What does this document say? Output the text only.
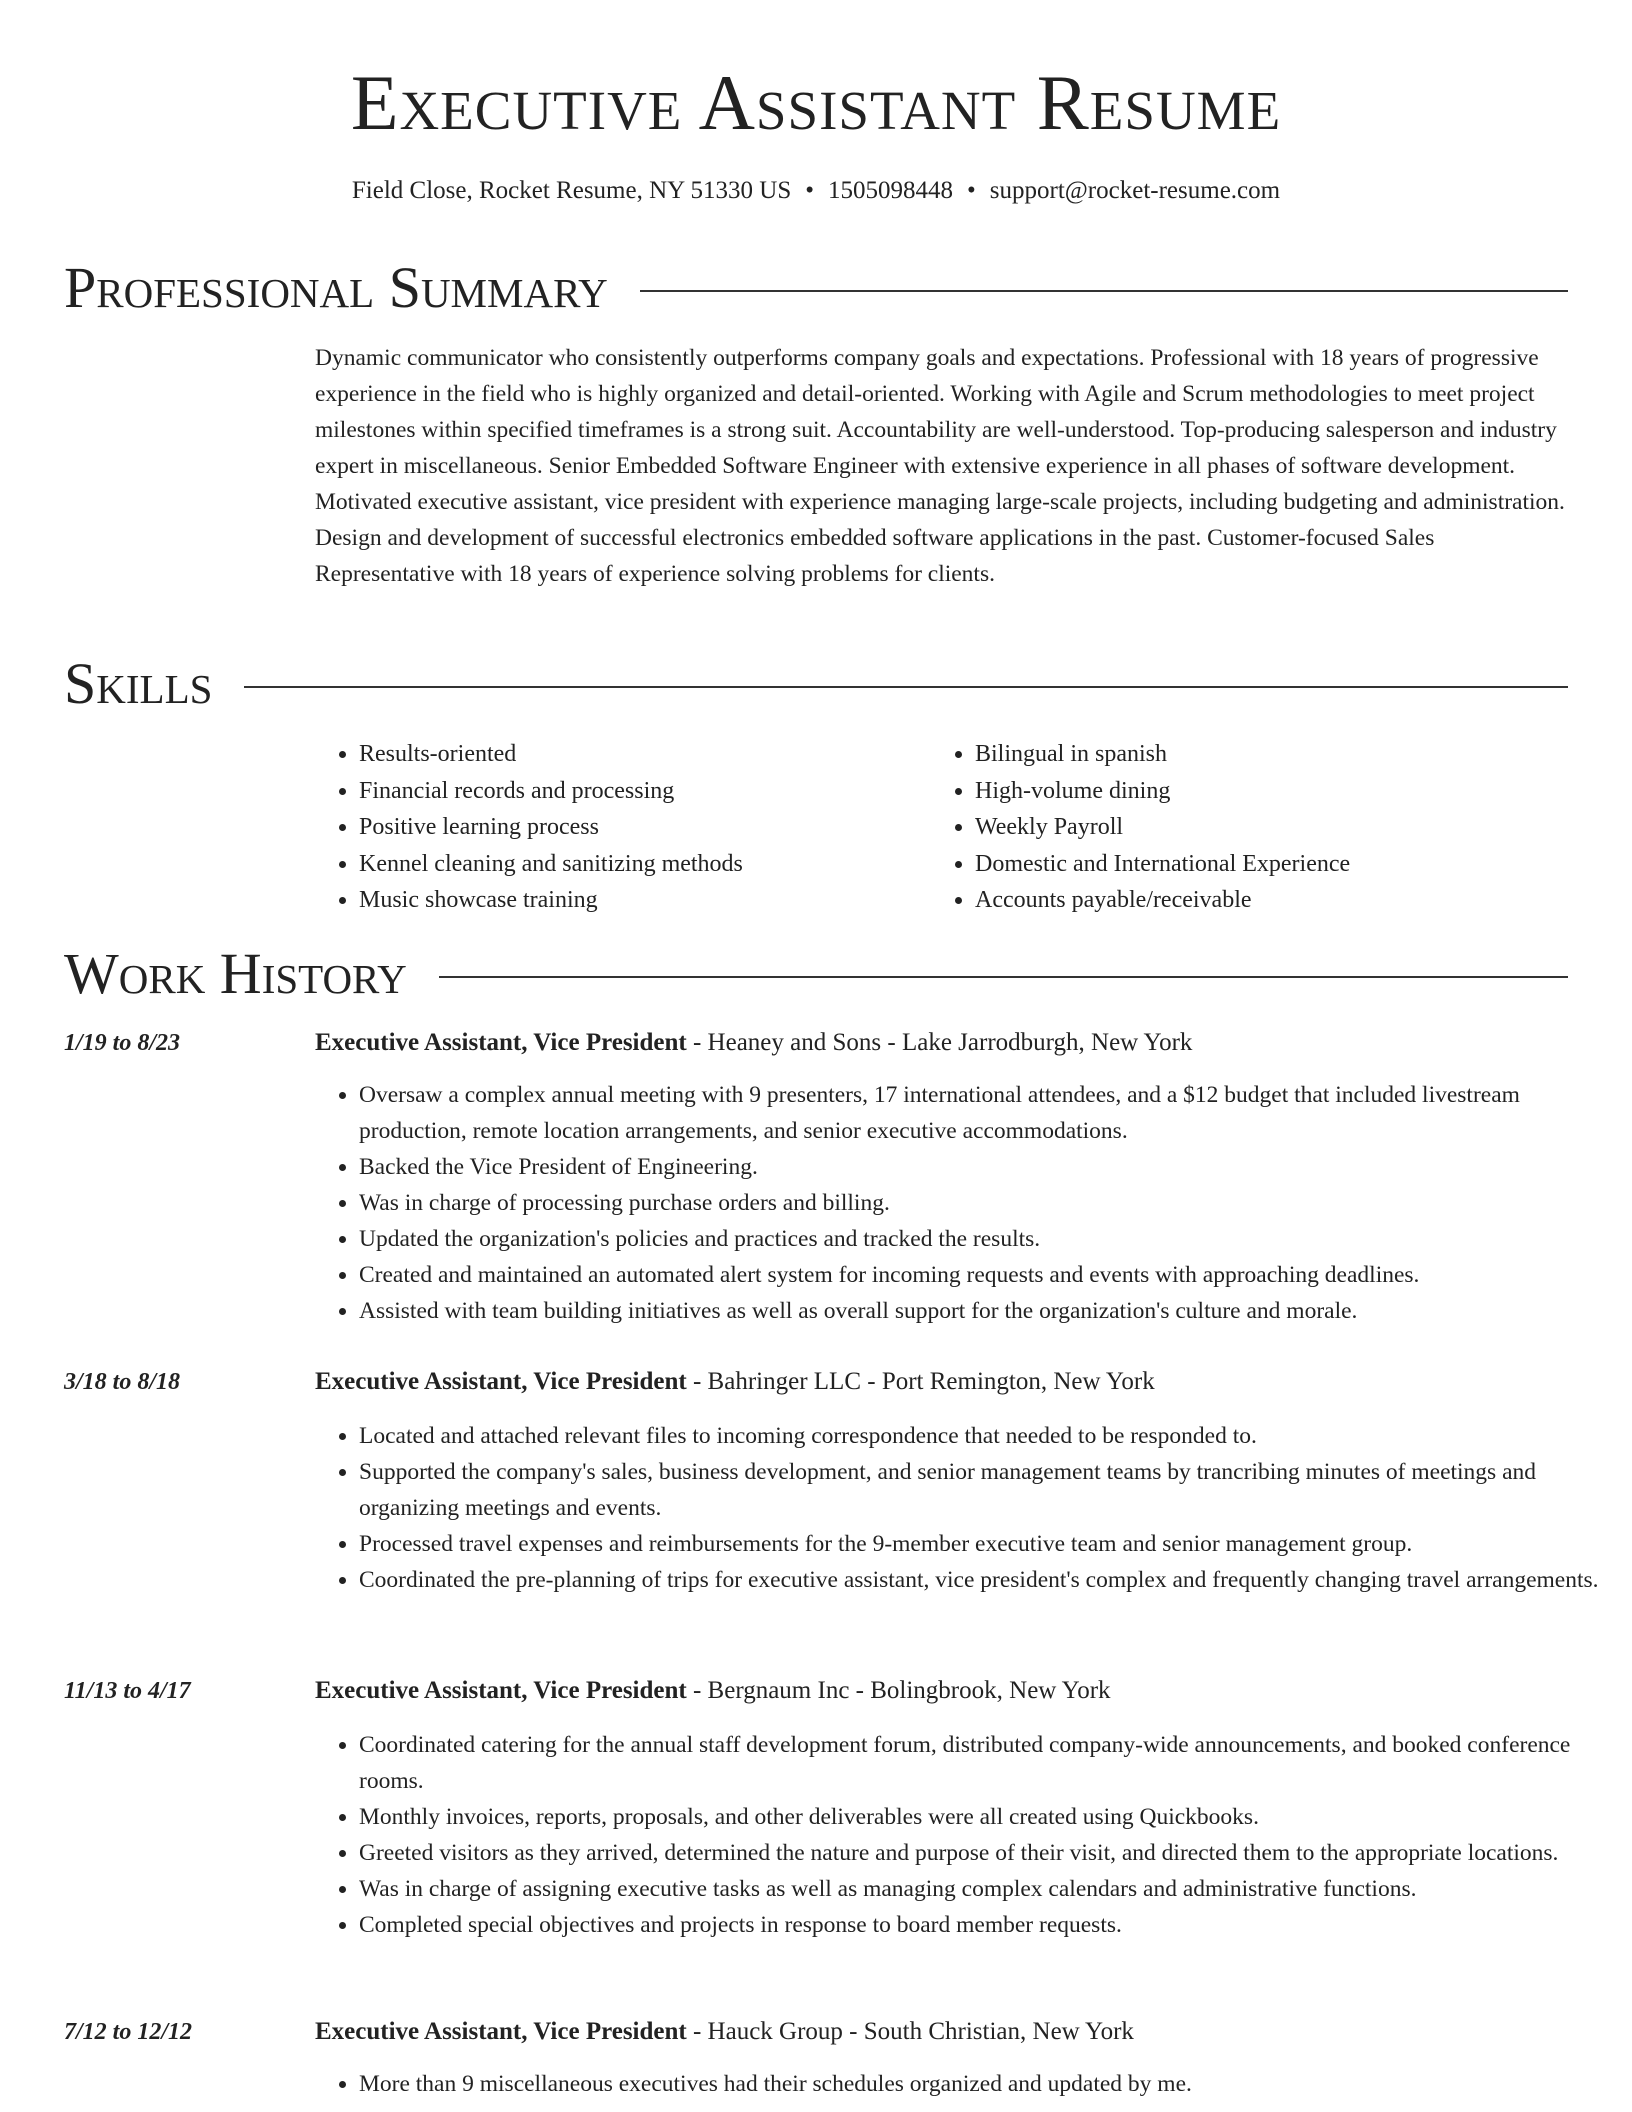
Executive Assistant Resume
Field Close, Rocket Resume, NY 51330 US • 1505098448 • support@rocket-resume.com
Professional Summary

Dynamic communicator who consistently outperforms company goals and expectations. Professional with 18 years of progressive experience in the field who is highly organized and detail-oriented. Working with Agile and Scrum methodologies to meet project milestones within specified timeframes is a strong suit. Accountability are well-understood. Top-producing salesperson and industry expert in miscellaneous. Senior Embedded Software Engineer with extensive experience in all phases of software development. Motivated executive assistant, vice president with experience managing large-scale projects, including budgeting and administration. Design and development of successful electronics embedded software applications in the past. Customer-focused Sales Representative with 18 years of experience solving problems for clients.

Skills
• Results-oriented
• Financial records and processing
• Positive learning process
• Kennel cleaning and sanitizing methods
• Music showcase training
• Bilingual in spanish
• High-volume dining
• Weekly Payroll
• Domestic and International Experience
• Accounts payable/receivable
Work History
1/19 to 8/23	Executive Assistant, Vice President - Heaney and Sons - Lake Jarrodburgh, New York
• Oversaw a complex annual meeting with 9 presenters, 17 international attendees, and a $12 budget that included livestream production, remote location arrangements, and senior executive accommodations.
• Backed the Vice President of Engineering.
• Was in charge of processing purchase orders and billing.
• Updated the organization's policies and practices and tracked the results.
• Created and maintained an automated alert system for incoming requests and events with approaching deadlines.
• Assisted with team building initiatives as well as overall support for the organization's culture and morale.
3/18 to 8/18	Executive Assistant, Vice President - Bahringer LLC - Port Remington, New York
• Located and attached relevant files to incoming correspondence that needed to be responded to.
• Supported the company's sales, business development, and senior management teams by trancribing minutes of meetings and organizing meetings and events.
• Processed travel expenses and reimbursements for the 9-member executive team and senior management group.
• Coordinated the pre-planning of trips for executive assistant, vice president's complex and frequently changing travel arrangements.
11/13 to 4/17	Executive Assistant, Vice President - Bergnaum Inc - Bolingbrook, New York
• Coordinated catering for the annual staff development forum, distributed company-wide announcements, and booked conference rooms.
• Monthly invoices, reports, proposals, and other deliverables were all created using Quickbooks.
• Greeted visitors as they arrived, determined the nature and purpose of their visit, and directed them to the appropriate locations.
• Was in charge of assigning executive tasks as well as managing complex calendars and administrative functions.
• Completed special objectives and projects in response to board member requests.
7/12 to 12/12	Executive Assistant, Vice President - Hauck Group - South Christian, New York
• More than 9 miscellaneous executives had their schedules organized and updated by me.
